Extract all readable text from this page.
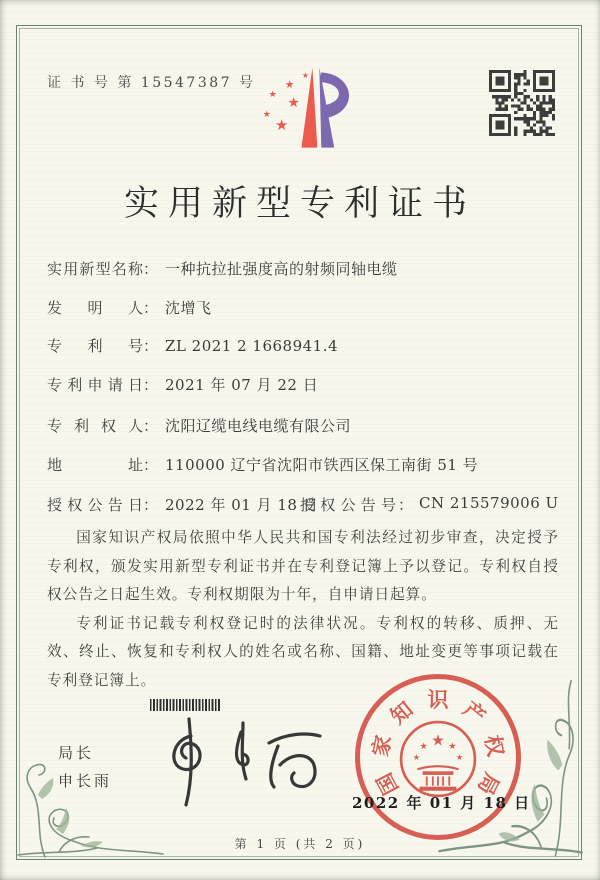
证 书 号 第 15547387 号	★
★
★ ★
★
★
实用新型专利证书
实用新型名称： 一种抗拉扯强度高的射频同轴电缆
发明人： 沈增飞
专利号： ZL 2021 2 1668941.4
专利申请日： 2021 年 07 月 22 日
专利权人： 沈阳辽缆电线电缆有限公司
地址： 110000 辽宁省沈阳市铁西区保工南街 51 号
授权公告日： 2022 年 01 月 18 日
授权公告号 ： CN 215579006 U

国家知识产权局依照中华人民共和国专利法经过初步审查，决定授予专利权，颁发实用新型专利证书并在专利登记簿上予以登记。专利权自授权公告之日起生效。专利权期限为十年，自申请日起算。

专利证书记载专利权登记时的法律状况。专利权的转移、质押、无效、终止、恢复和专利权人的姓名或名称、国籍、地址变更等事项记载在专利登记簿上。

局长
申长雨	国
家
知 识 产
权
局
★
★ ★
★	★
2022 年 01 月 18 日
第 1 页 (共 2 页)
